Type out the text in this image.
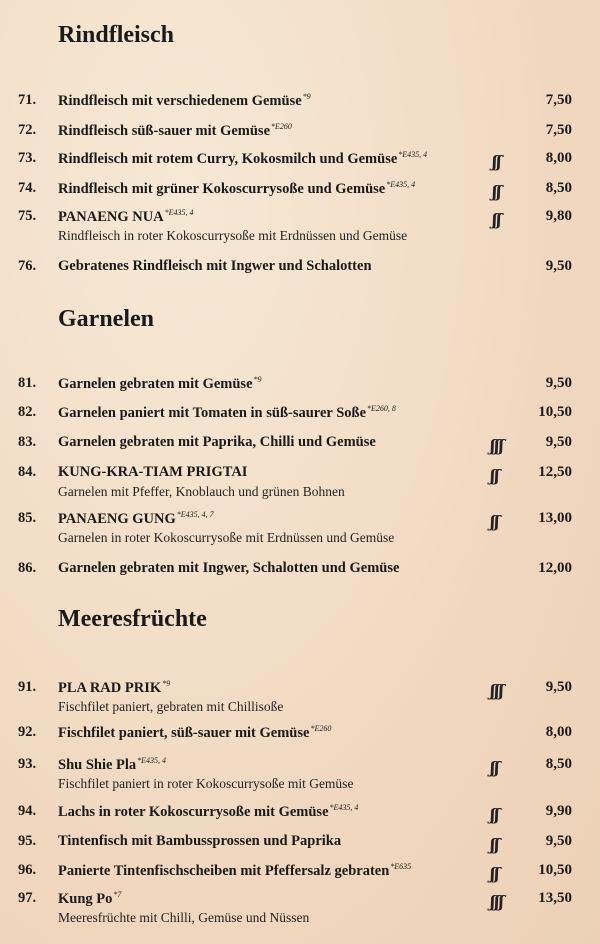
Rindfleisch
71. Rindfleisch mit verschiedenem Gemüse$^{*9}$	7,50
72. Rindfleisch süß-sauer mit Gemüse$^{*E260}$	7,50
73. Rindfleisch mit rotem Curry, Kokosmilch und Gemüse$^{*E435, 4}$	ʃʃ	8,00
74. Rindfleisch mit grüner Kokoscurrysoße und Gemüse$^{*E435, 4}$	ʃʃ	8,50
75. PANAENG $NUA^{*E435, 4}$
Rindfleisch in roter Kokoscurrysoße mit Erdnüssen und Gemüse
ʃʃ	9,80
76. Gebratenes Rindfleisch mit Ingwer und Schalotten	9,50
Garnelen
81. Garnelen gebraten mit Gemüse$^{*9}$	9,50
82. Garnelen paniert mit Tomaten in süß-saurer Soße$^{*E260, 8}$	10,50
83. Garnelen gebraten mit Paprika, Chilli und Gemüse	ʃʃʃ	9,50
84. KUNG-KRA-TIAM PRIGTAI
Garnelen mit Pfeffer, Knoblauch und grünen Bohnen
ʃʃ	12,50
85. PANAENG $GUNG^{*E435, 4, 7}$
Garnelen in roter Kokoscurrysoße mit Erdnüssen und Gemüse
ʃʃ	13,00
86. Garnelen gebraten mit Ingwer, Schalotten und Gemüse	12,00
Meeresfrüchte
91. PLA RAD PRIK$^{*9}$
Fischfilet paniert, gebraten mit Chillisoße
ʃʃʃ	9,50
92. Fischfilet paniert, süß-sauer mit Gemüse$^{*E260}$	8,00
93. Shu Shie Pla$^{*E435, 4}$
Fischfilet paniert in roter Kokoscurrysoße mit Gemüse
ʃʃ	8,50
94. Lachs in roter Kokoscurrysoße mit Gemüse$^{*E435, 4}$	ʃʃ	9,90
95. Tintenfisch mit Bambussprossen und Paprika	ʃʃ	9,50
96. Panierte Tintenfischscheiben mit Pfeffersalz gebraten$^{*E635}$	ʃʃ	10,50
97. Kung Po$^{*7}$
Meeresfrüchte mit Chilli, Gemüse und Nüssen
ʃʃʃ 13,50
